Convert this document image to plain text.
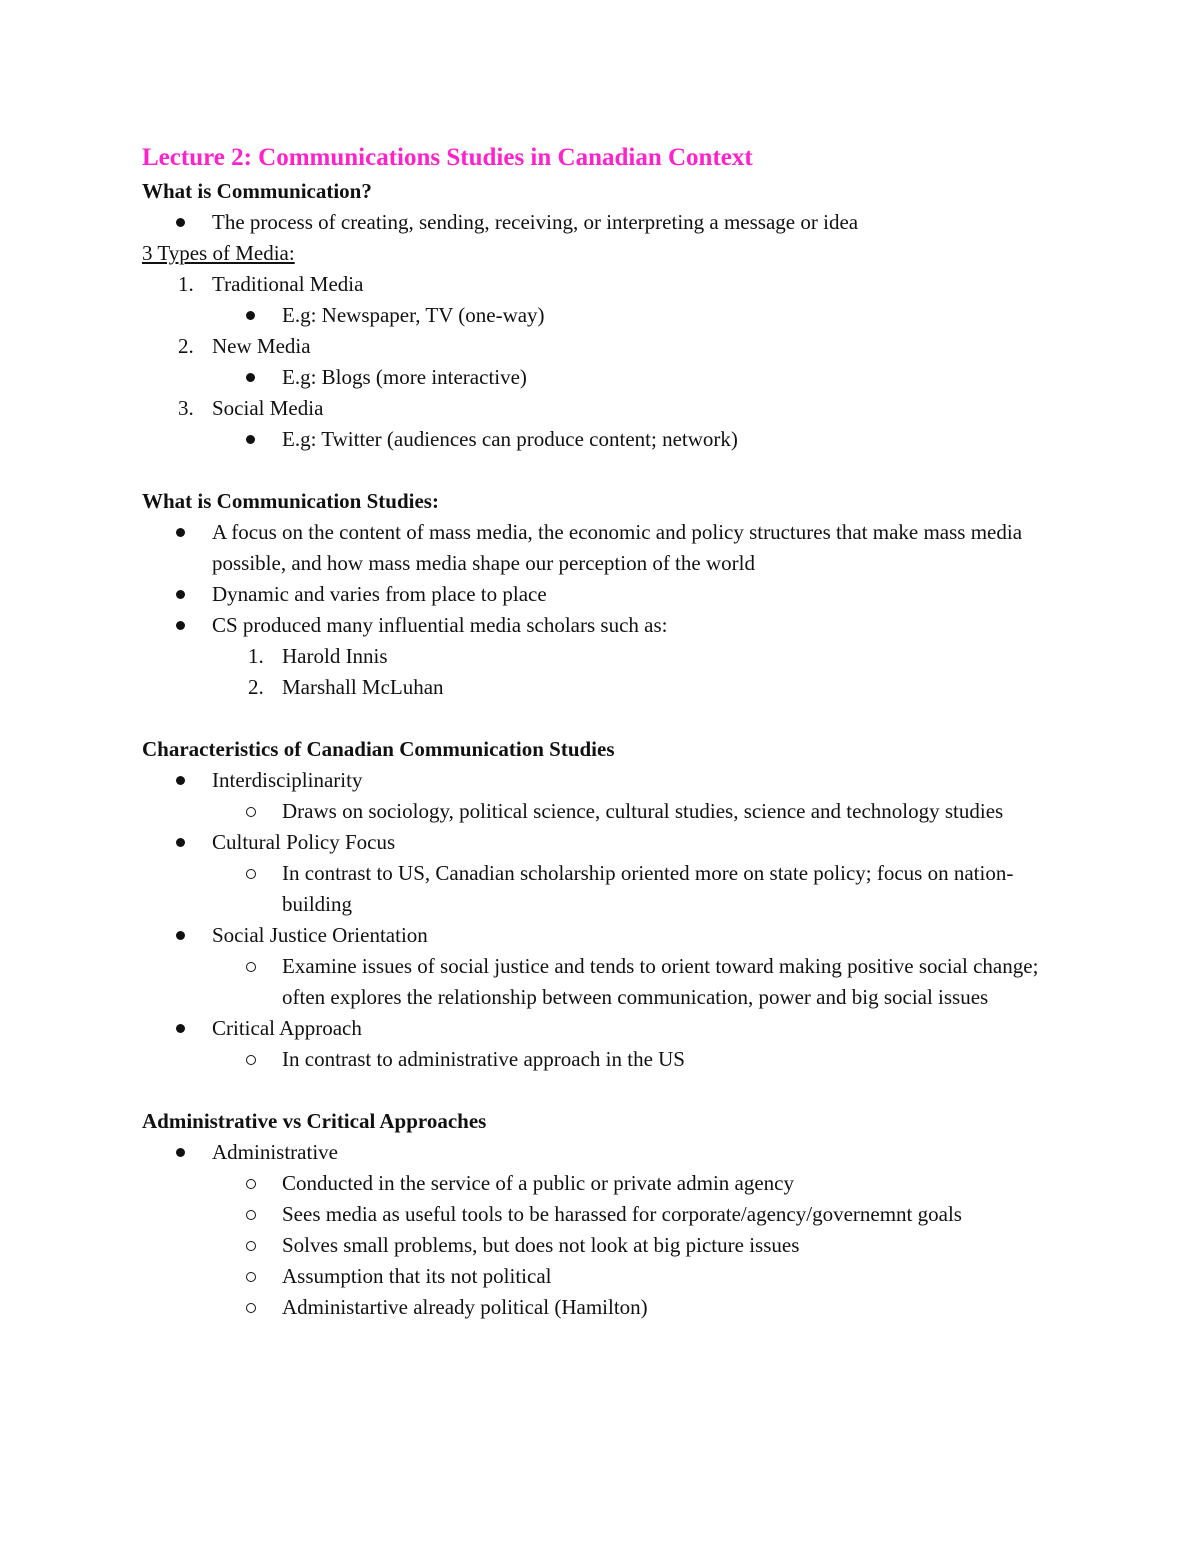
Lecture 2: Communications Studies in Canadian Context

What is Communication?

The process of creating, sending, receiving, or interpreting a message or idea

3 Types of Media:

1. Traditional Media
E.g: Newspaper, TV (one-way)
2. New Media
E.g: Blogs (more interactive)
3. Social Media
E.g: Twitter (audiences can produce content; network)

What is Communication Studies:

A focus on the content of mass media, the economic and policy structures that make mass media possible, and how mass media shape our perception of the world
Dynamic and varies from place to place
CS produced many influential media scholars such as:
1. Harold Innis
2. Marshall McLuhan

Characteristics of Canadian Communication Studies

Interdisciplinarity
Draws on sociology, political science, cultural studies, science and technology studies
Cultural Policy Focus
In contrast to US, Canadian scholarship oriented more on state policy; focus on nation-building
Social Justice Orientation
Examine issues of social justice and tends to orient toward making positive social change; often explores the relationship between communication, power and big social issues
Critical Approach
In contrast to administrative approach in the US

Administrative vs Critical Approaches

Administrative
Conducted in the service of a public or private admin agency
Sees media as useful tools to be harassed for corporate/agency/governemnt goals
Solves small problems, but does not look at big picture issues
Assumption that its not political
Administartive already political (Hamilton)
